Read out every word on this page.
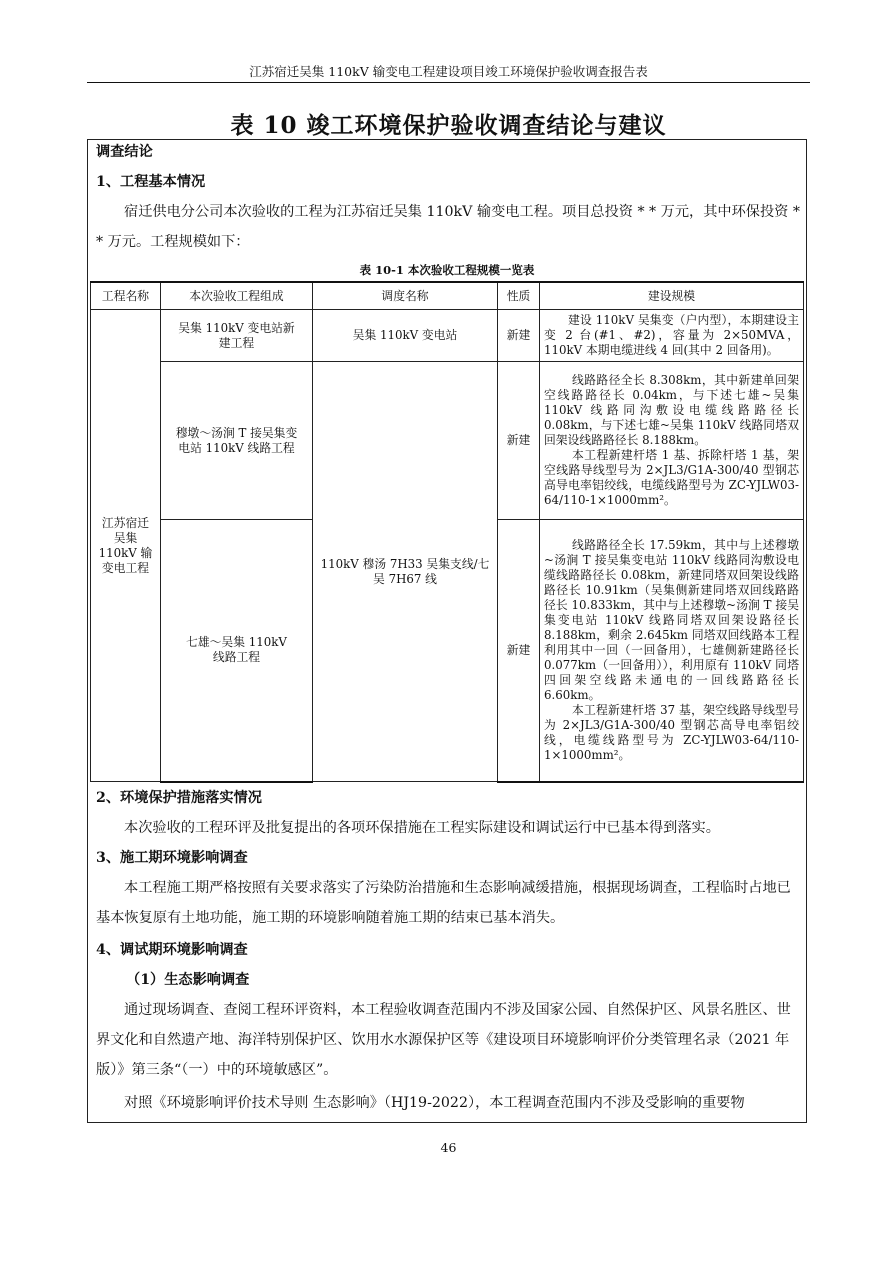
江苏宿迁吴集 110kV 输变电工程建设项目竣工环境保护验收调查报告表
表 10 竣工环境保护验收调查结论与建议
调查结论
1、工程基本情况
宿迁供电分公司本次验收的工程为江苏宿迁吴集 110kV 输变电工程。项目总投资 * * 万元，其中环保投资 * * 万元。工程规模如下：
表 10-1 本次验收工程规模一览表
工程名称	本次验收工程组成	调度名称	性质	建设规模
江苏宿迁吴集 110kV 输变电工程	吴集 110kV 变电站新建工程	吴集 110kV 变电站	新建	建设 110kV 吴集变（户内型），本期建设主变 2 台(#1、#2)，容量为 2×50MVA，110kV 本期电缆进线 4 回(其中 2 回备用)。

	穆墩～汤涧 T 接吴集变电站 110kV 线路工程	110kV 穆汤 7H33 吴集支线/七吴 7H67 线	新建	线路路径全长 8.308km，其中新建单回架空线路路径长 0.04km，与下述七雄~吴集 110kV 线路同沟敷设电缆线路路径长 0.08km，与下述七雄~吴集 110kV 线路同塔双回架设线路路径长 8.188km。
本工程新建杆塔 1 基、拆除杆塔 1 基，架空线路导线型号为 2×JL3/G1A-300/40 型钢芯高导电率铝绞线，电缆线路型号为 ZC-YJLW03-64/110-1×1000mm²。

	七雄～吴集 110kV 线路工程		新建	线路路径全长 17.59km，其中与上述穆墩~汤涧 T 接吴集变电站 110kV 线路同沟敷设电缆线路路径长 0.08km，新建同塔双回架设线路路径长 10.91km（吴集侧新建同塔双回线路路径长 10.833km，其中与上述穆墩~汤涧 T 接吴集变电站 110kV 线路同塔双回架设路径长 8.188km，剩余 2.645km 同塔双回线路本工程利用其中一回（一回备用），七雄侧新建路径长 0.077km（一回备用）），利用原有 110kV 同塔四回架空线路未通电的一回线路路径长 6.60km。
本工程新建杆塔 37 基，架空线路导线型号为 2×JL3/G1A-300/40 型钢芯高导电率铝绞线，电缆线路型号为 ZC-YJLW03-64/110-1×1000mm²。
2、环境保护措施落实情况
本次验收的工程环评及批复提出的各项环保措施在工程实际建设和调试运行中已基本得到落实。
3、施工期环境影响调查
本工程施工期严格按照有关要求落实了污染防治措施和生态影响减缓措施，根据现场调查，工程临时占地已基本恢复原有土地功能，施工期的环境影响随着施工期的结束已基本消失。
4、调试期环境影响调查
（1）生态影响调查
通过现场调查、查阅工程环评资料，本工程验收调查范围内不涉及国家公园、自然保护区、风景名胜区、世界文化和自然遗产地、海洋特别保护区、饮用水水源保护区等《建设项目环境影响评价分类管理名录（2021 年版）》第三条“（一）中的环境敏感区”。
对照《环境影响评价技术导则 生态影响》（HJ19-2022），本工程调查范围内不涉及受影响的重要物
46
